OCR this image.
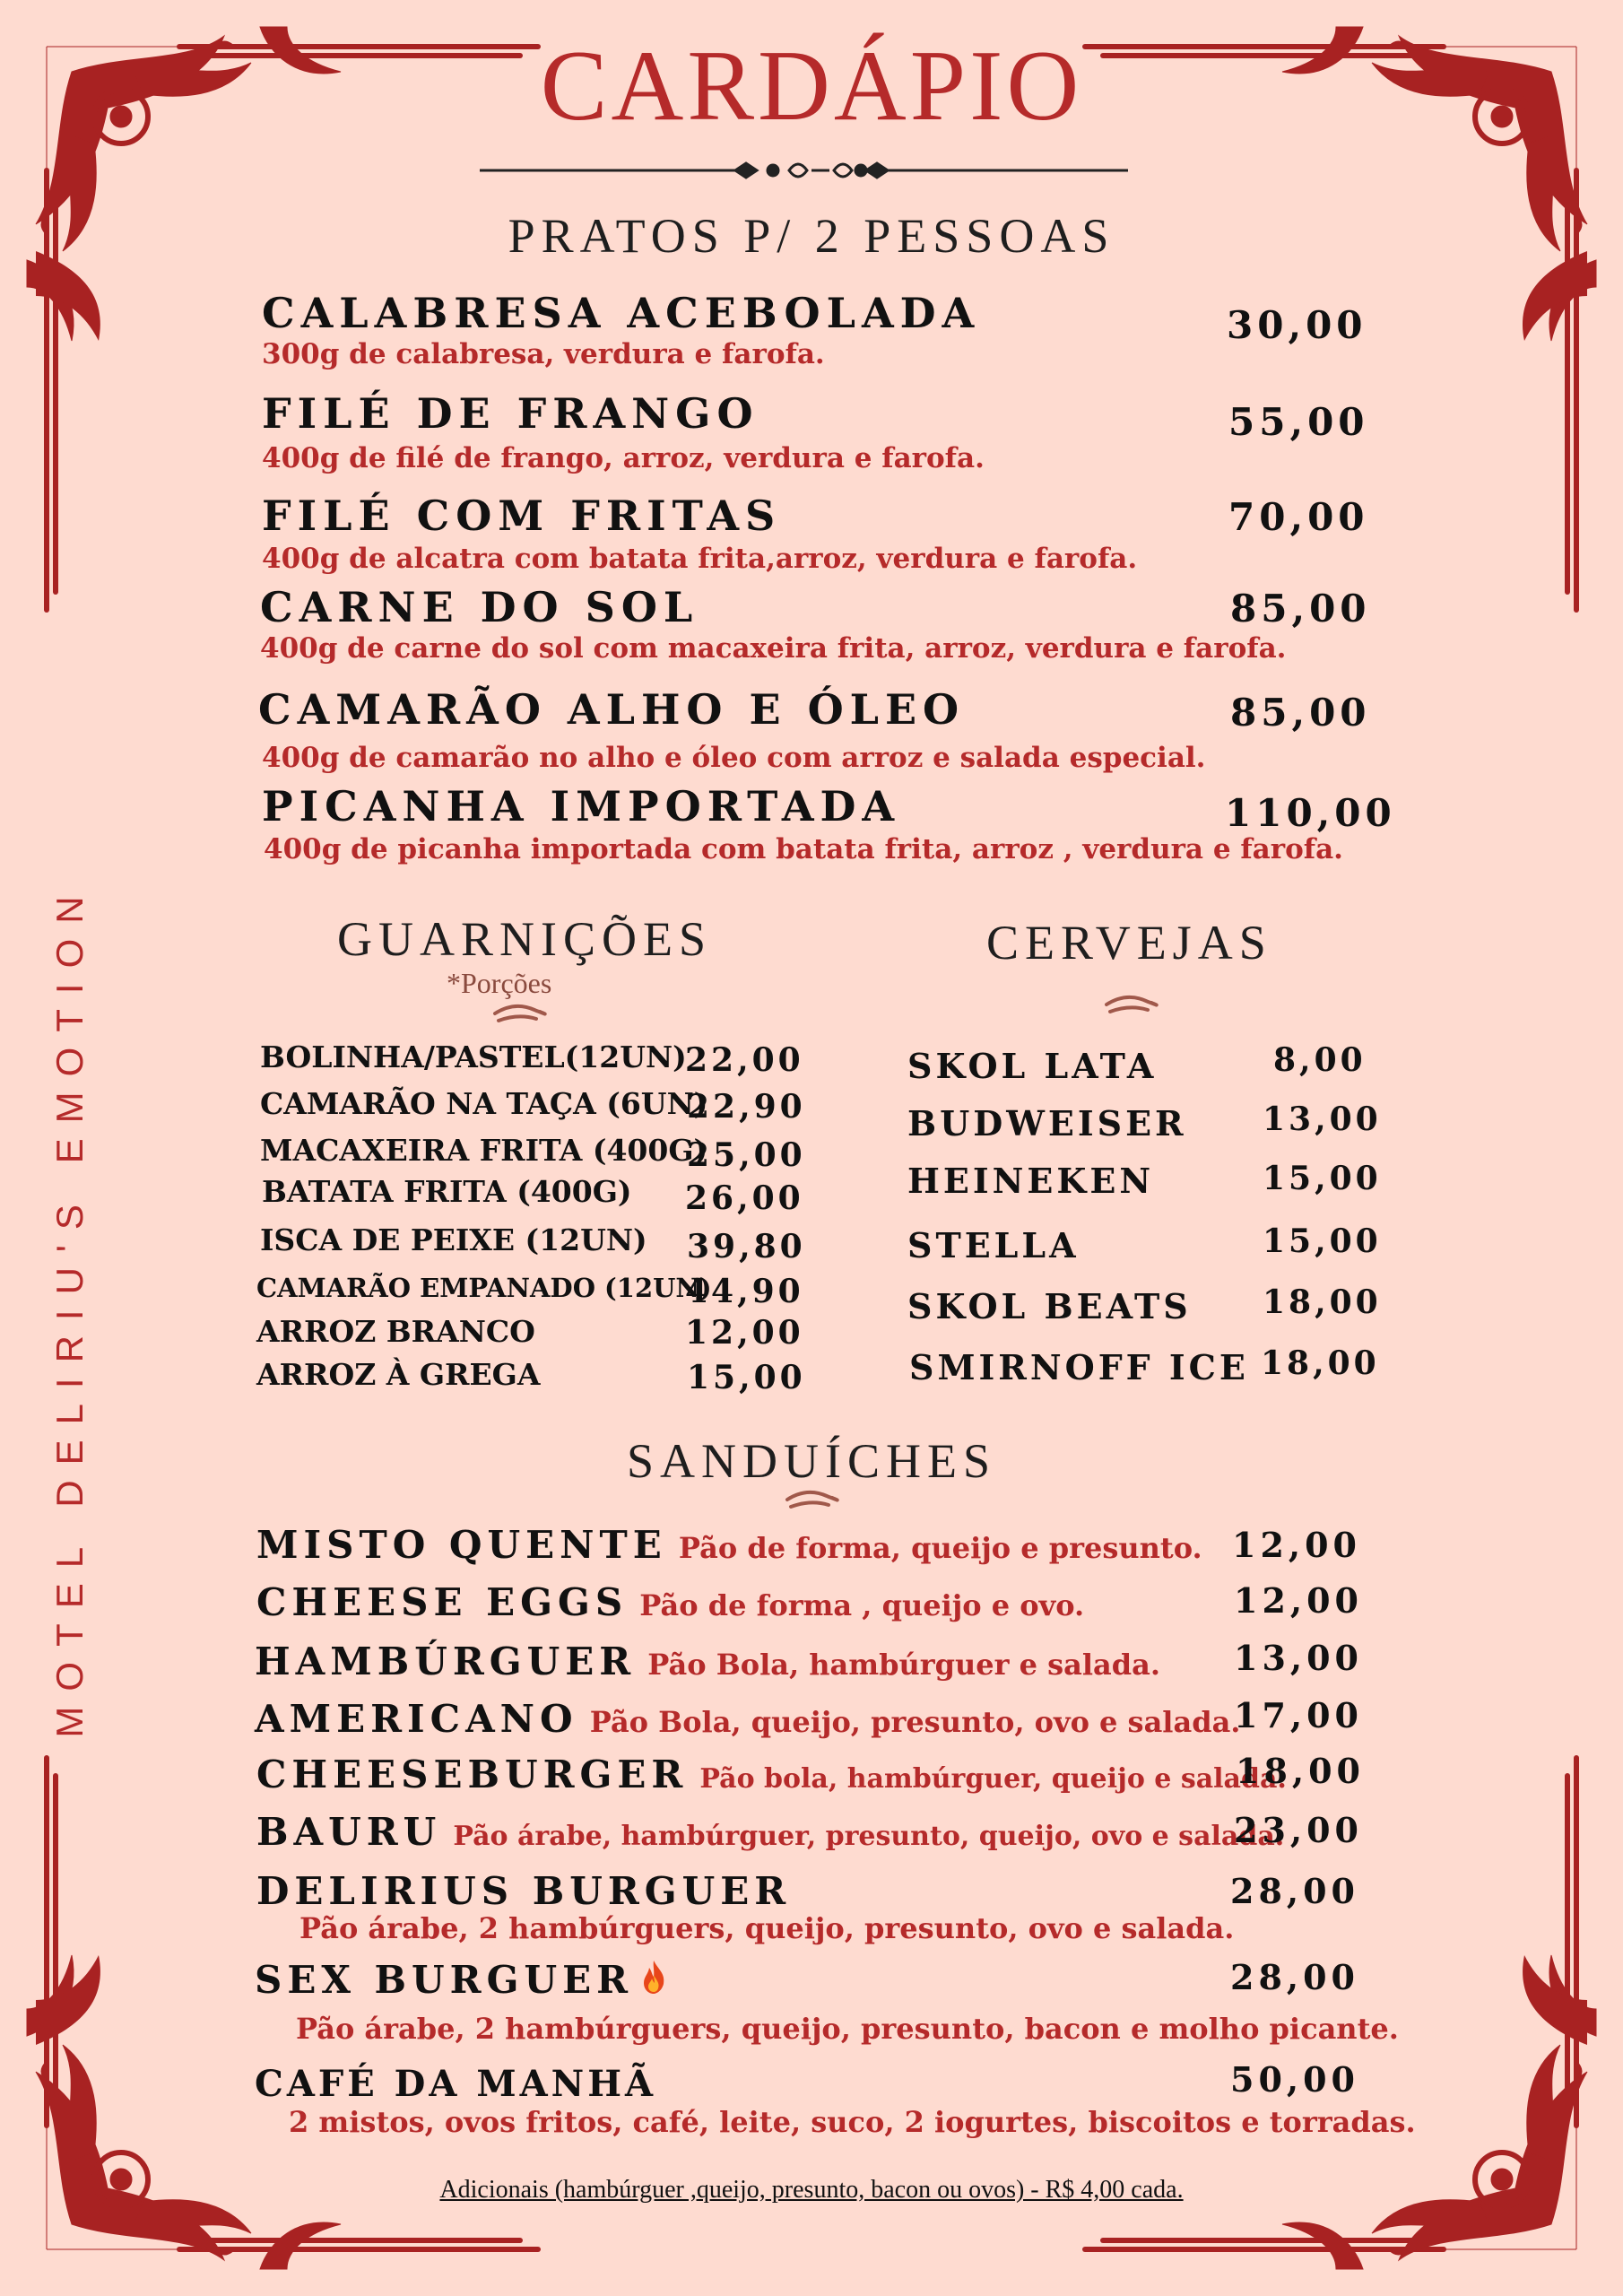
CARDÁPIO
MOTEL DELIRIU'S EMOTION
PRATOS P/ 2 PESSOAS
CALABRESA ACEBOLADA
300g de calabresa, verdura e farofa.
30,00
FILÉ DE FRANGO
400g de filé de frango, arroz, verdura e farofa.
55,00
FILÉ COM FRITAS
400g de alcatra com batata frita,arroz, verdura e farofa.
70,00
CARNE DO SOL
400g de carne do sol com macaxeira frita, arroz, verdura e farofa.
85,00
CAMARÃO ALHO E ÓLEO
400g de camarão no alho e óleo com arroz e salada especial.
85,00
PICANHA IMPORTADA
400g de picanha importada com batata frita, arroz , verdura e farofa.
110,00
GUARNIÇÕES
*Porções
BOLINHA/PASTEL(12UN)
22,00
CAMARÃO NA TAÇA (6UN)
22,90
MACAXEIRA FRITA (400G)
25,00
BATATA FRITA (400G) 26,00
ISCA DE PEIXE (12UN) 39,80
CAMARÃO EMPANADO (12UN)
44,90
ARROZ BRANCO	12,00
ARROZ À GREGA	15,00
CERVEJAS
SKOL LATA	8,00
BUDWEISER 13,00
HEINEKEN	15,00
STELLA	15,00
SKOL BEATS 18,00
SMIRNOFF ICE 18,00
SANDUÍCHES
MISTO QUENTE Pão de forma, queijo e presunto. 12,00
CHEESE EGGS Pão de forma , queijo e ovo.	12,00
HAMBÚRGUER Pão Bola, hambúrguer e salada. 13,00
AMERICANO Pão Bola, queijo, presunto, ovo e salada.
17,00
CHEESEBURGER Pão bola, hambúrguer, queijo e salada.
18,00
BAURU Pão árabe, hambúrguer, presunto, queijo, ovo e salada.
23,00
DELIRIUS BURGUER
Pão árabe, 2 hambúrguers, queijo, presunto, ovo e salada.
28,00
SEX BURGUER	28,00
Pão árabe, 2 hambúrguers, queijo, presunto, bacon e molho picante.
CAFÉ DA MANHÃ
2 mistos, ovos fritos, café, leite, suco, 2 iogurtes, biscoitos e torradas.
50,00
Adicionais (hambúrguer ,queijo, presunto, bacon ou ovos) - R$ 4,00 cada.
